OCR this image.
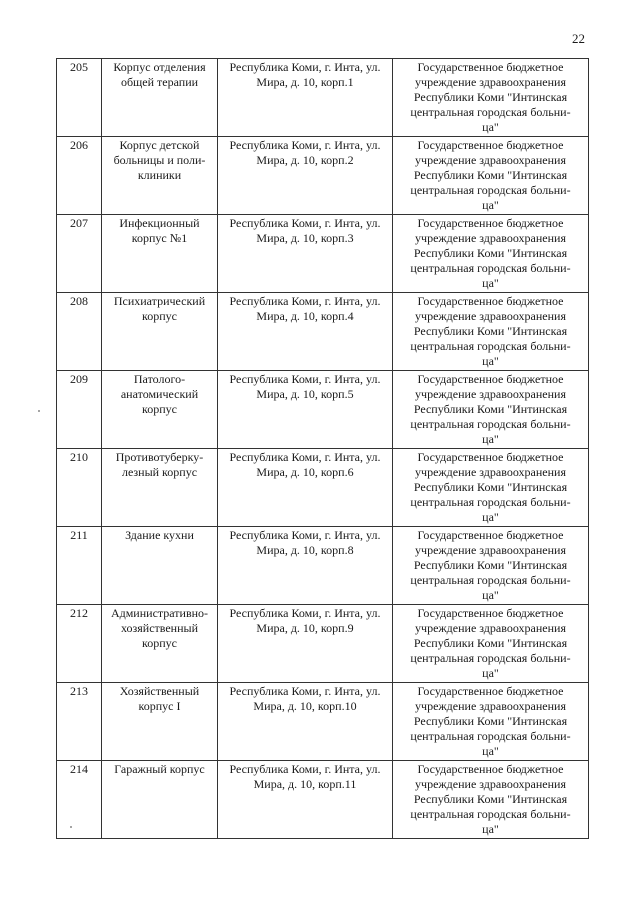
22
205	Корпус отделения общей терапии	Республика Коми, г. Инта, ул. Мира, д. 10, корп.1	Государственное бюджетное
учреждение здравоохранения
Республики Коми "Интинская
центральная городская больни-
ца"
206	Корпус детской больницы и поли-клиники	Республика Коми, г. Инта, ул. Мира, д. 10, корп.2	Государственное бюджетное
учреждение здравоохранения
Республики Коми "Интинская
центральная городская больни-
ца"
207	Инфекционный корпус №1	Республика Коми, г. Инта, ул. Мира, д. 10, корп.3	Государственное бюджетное
учреждение здравоохранения
Республики Коми "Интинская
центральная городская больни-
ца"
208	Психиатрический корпус	Республика Коми, г. Инта, ул. Мира, д. 10, корп.4	Государственное бюджетное
учреждение здравоохранения
Республики Коми "Интинская
центральная городская больни-
ца"
209	Патолого-анатомический корпус	Республика Коми, г. Инта, ул. Мира, д. 10, корп.5	Государственное бюджетное
учреждение здравоохранения
Республики Коми "Интинская
центральная городская больни-
ца"
210	Противотуберку-лезный корпус	Республика Коми, г. Инта, ул. Мира, д. 10, корп.6	Государственное бюджетное
учреждение здравоохранения
Республики Коми "Интинская
центральная городская больни-
ца"
211	Здание кухни	Республика Коми, г. Инта, ул. Мира, д. 10, корп.8	Государственное бюджетное
учреждение здравоохранения
Республики Коми "Интинская
центральная городская больни-
ца"
212	Административно-хозяйственный корпус	Республика Коми, г. Инта, ул. Мира, д. 10, корп.9	Государственное бюджетное
учреждение здравоохранения
Республики Коми "Интинская
центральная городская больни-
ца"
213	Хозяйственный корпус I	Республика Коми, г. Инта, ул. Мира, д. 10, корп.10	Государственное бюджетное
учреждение здравоохранения
Республики Коми "Интинская
центральная городская больни-
ца"
214	Гаражный корпус	Республика Коми, г. Инта, ул. Мира, д. 10, корп.11	Государственное бюджетное
учреждение здравоохранения
Республики Коми "Интинская
центральная городская больни-
ца"
